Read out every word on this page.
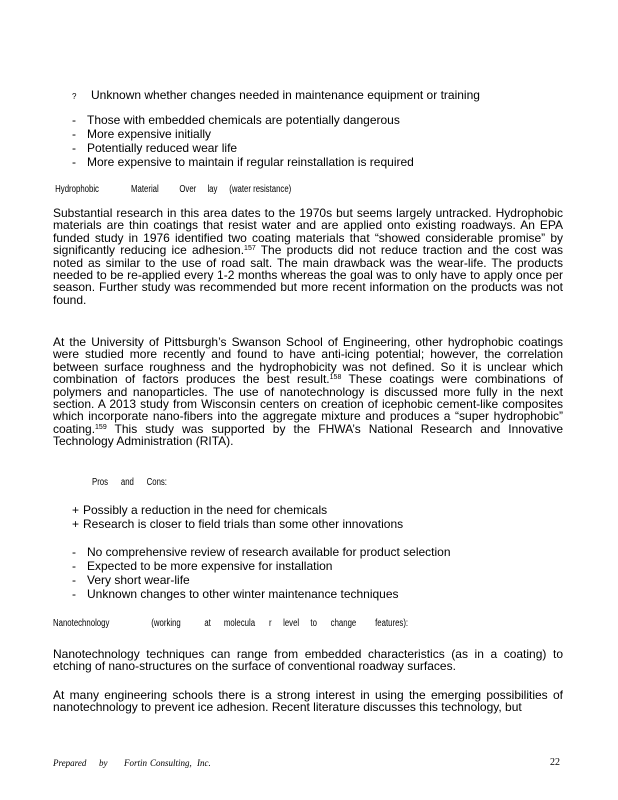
? Unknown whether changes needed in maintenance equipment or training
- Those with embedded chemicals are potentially dangerous
- More expensive initially
- Potentially reduced wear life
- More expensive to maintain if regular reinstallation is required
Hydrophobic	Material Over lay (water resistance)

Substantial research in this area dates to the 1970s but seems largely untracked. Hydrophobic materials are thin coatings that resist water and are applied onto existing roadways. An EPA funded study in 1976 identified two coating materials that “showed considerable promise” by significantly reducing ice adhesion.$^{157}$ The products did not reduce traction and the cost was noted as similar to the use of road salt. The main drawback was the wear-life. The products needed to be re-applied every 1-2 months whereas the goal was to only have to apply once per season. Further study was recommended but more recent information on the products was not found.

At the University of Pittsburgh’s Swanson School of Engineering, other hydrophobic coatings were studied more recently and found to have anti-icing potential; however, the correlation between surface roughness and the hydrophobicity was not defined. So it is unclear which combination of factors produces the best result.$^{158}$ These coatings were combinations of polymers and nanoparticles. The use of nanotechnology is discussed more fully in the next section. A 2013 study from Wisconsin centers on creation of icephobic cement-like composites which incorporate nano-fibers into the aggregate mixture and produces a “super hydrophobic” coating.$^{159}$ This study was supported by the FHWA’s National Research and Innovative Technology Administration (RITA).

Pros and Cons:
+ Possibly a reduction in the need for chemicals
+ Research is closer to field trials than some other innovations
- No comprehensive review of research available for product selection
- Expected to be more expensive for installation
- Very short wear-life
- Unknown changes to other winter maintenance techniques
Nanotechnology	(working at molecula r level to change features):

Nanotechnology techniques can range from embedded characteristics (as in a coating) to etching of nano-structures on the surface of conventional roadway surfaces.

At many engineering schools there is a strong interest in using the emerging possibilities of nanotechnology to prevent ice adhesion. Recent literature discusses this technology, but

Prepared by Fortin Consulting, Inc.	22
